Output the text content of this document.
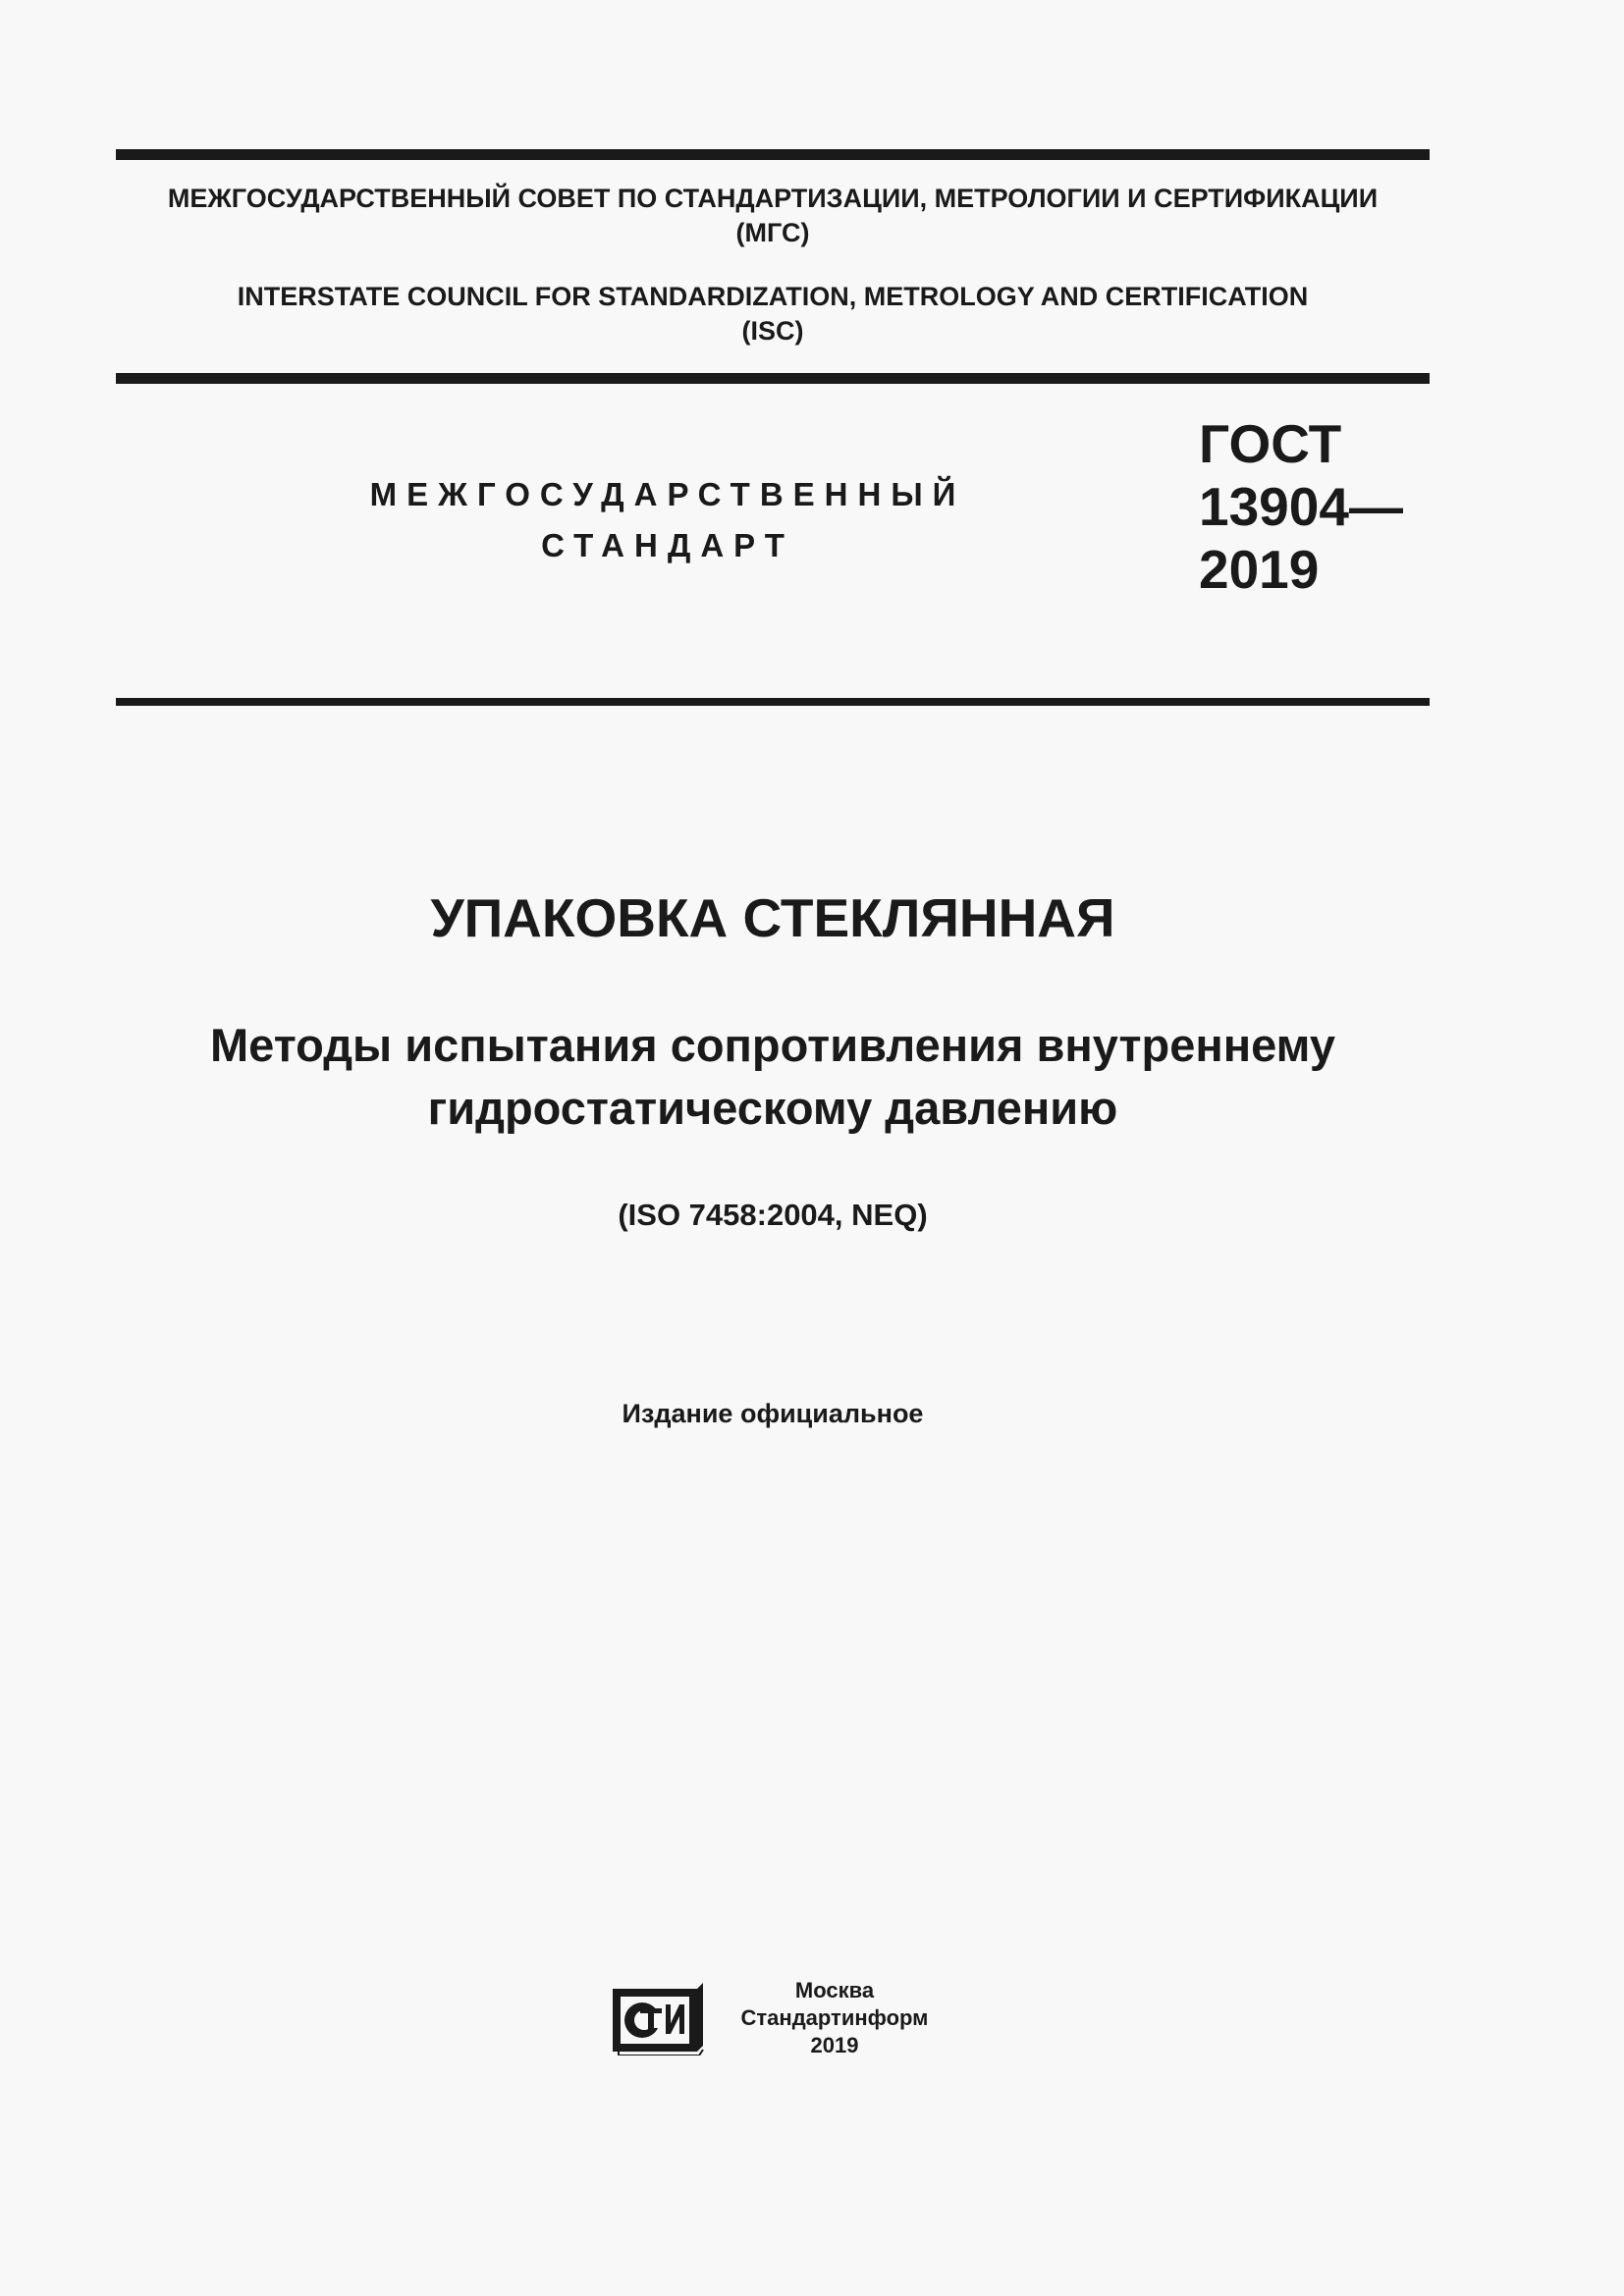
МЕЖГОСУДАРСТВЕННЫЙ СОВЕТ ПО СТАНДАРТИЗАЦИИ, МЕТРОЛОГИИ И СЕРТИФИКАЦИИ
(МГС)
INTERSTATE COUNCIL FOR STANDARDIZATION, METROLOGY AND CERTIFICATION
(ISC)
МЕЖГОСУДАРСТВЕННЫЙ
СТАНДАРТ
ГОСТ
13904—
2019
УПАКОВКА СТЕКЛЯННАЯ
Методы испытания сопротивления внутреннему
гидростатическому давлению
(ISO 7458:2004, NEQ)
Издание официальное
Москва
Стандартинформ
2019
